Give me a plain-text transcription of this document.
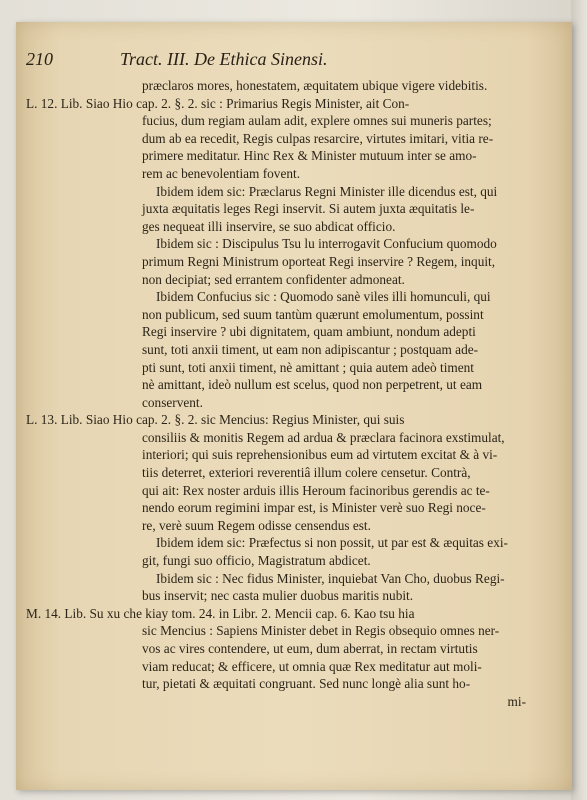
210	Tract. III. De Ethica Sinensi.
præclaros mores, honestatem, æquitatem ubique vigere videbitis.
L. 12. Lib. Siao Hio cap. 2. §. 2. sic : Primarius Regis Minister, ait Con-
fucius, dum regiam aulam adit, explere omnes sui muneris partes;
dum ab ea recedit, Regis culpas resarcire, virtutes imitari, vitia re-
primere meditatur. Hinc Rex & Minister mutuum inter se amo-
rem ac benevolentiam fovent.
Ibidem idem sic: Præclarus Regni Minister ille dicendus est, qui
juxta æquitatis leges Regi inservit. Si autem juxta æquitatis le-
ges nequeat illi inservire, se suo abdicat officio.
Ibidem sic : Discipulus Tsu lu interrogavit Confucium quomodo
primum Regni Ministrum oporteat Regi inservire ? Regem, inquit,
non decipiat; sed errantem confidenter admoneat.
Ibidem Confucius sic : Quomodo sanè viles illi homunculi, qui
non publicum, sed suum tantùm quærunt emolumentum, possint
Regi inservire ? ubi dignitatem, quam ambiunt, nondum adepti
sunt, toti anxii timent, ut eam non adipiscantur ; postquam ade-
pti sunt, toti anxii timent, nè amittant ; quia autem adeò timent
nè amittant, ideò nullum est scelus, quod non perpetrent, ut eam
conservent.
L. 13. Lib. Siao Hio cap. 2. §. 2. sic Mencius: Regius Minister, qui suis
consiliis & monitis Regem ad ardua & præclara facinora exstimulat,
interiori; qui suis reprehensionibus eum ad virtutem excitat & à vi-
tiis deterret, exteriori reverentiâ illum colere censetur. Contrà,
qui ait: Rex noster arduis illis Heroum facinoribus gerendis ac te-
nendo eorum regimini impar est, is Minister verè suo Regi noce-
re, verè suum Regem odisse censendus est.
Ibidem idem sic: Præfectus si non possit, ut par est & æquitas exi-
git, fungi suo officio, Magistratum abdicet.
Ibidem sic : Nec fidus Minister, inquiebat Van Cho, duobus Regi-
bus inservit; nec casta mulier duobus maritis nubit.
M. 14. Lib. Su xu che kiay tom. 24. in Libr. 2. Mencii cap. 6. Kao tsu hia
sic Mencius : Sapiens Minister debet in Regis obsequio omnes ner-
vos ac vires contendere, ut eum, dum aberrat, in rectam virtutis
viam reducat; & efficere, ut omnia quæ Rex meditatur aut moli-
tur, pietati & æquitati congruant. Sed nunc longè alia sunt ho-
mi-
